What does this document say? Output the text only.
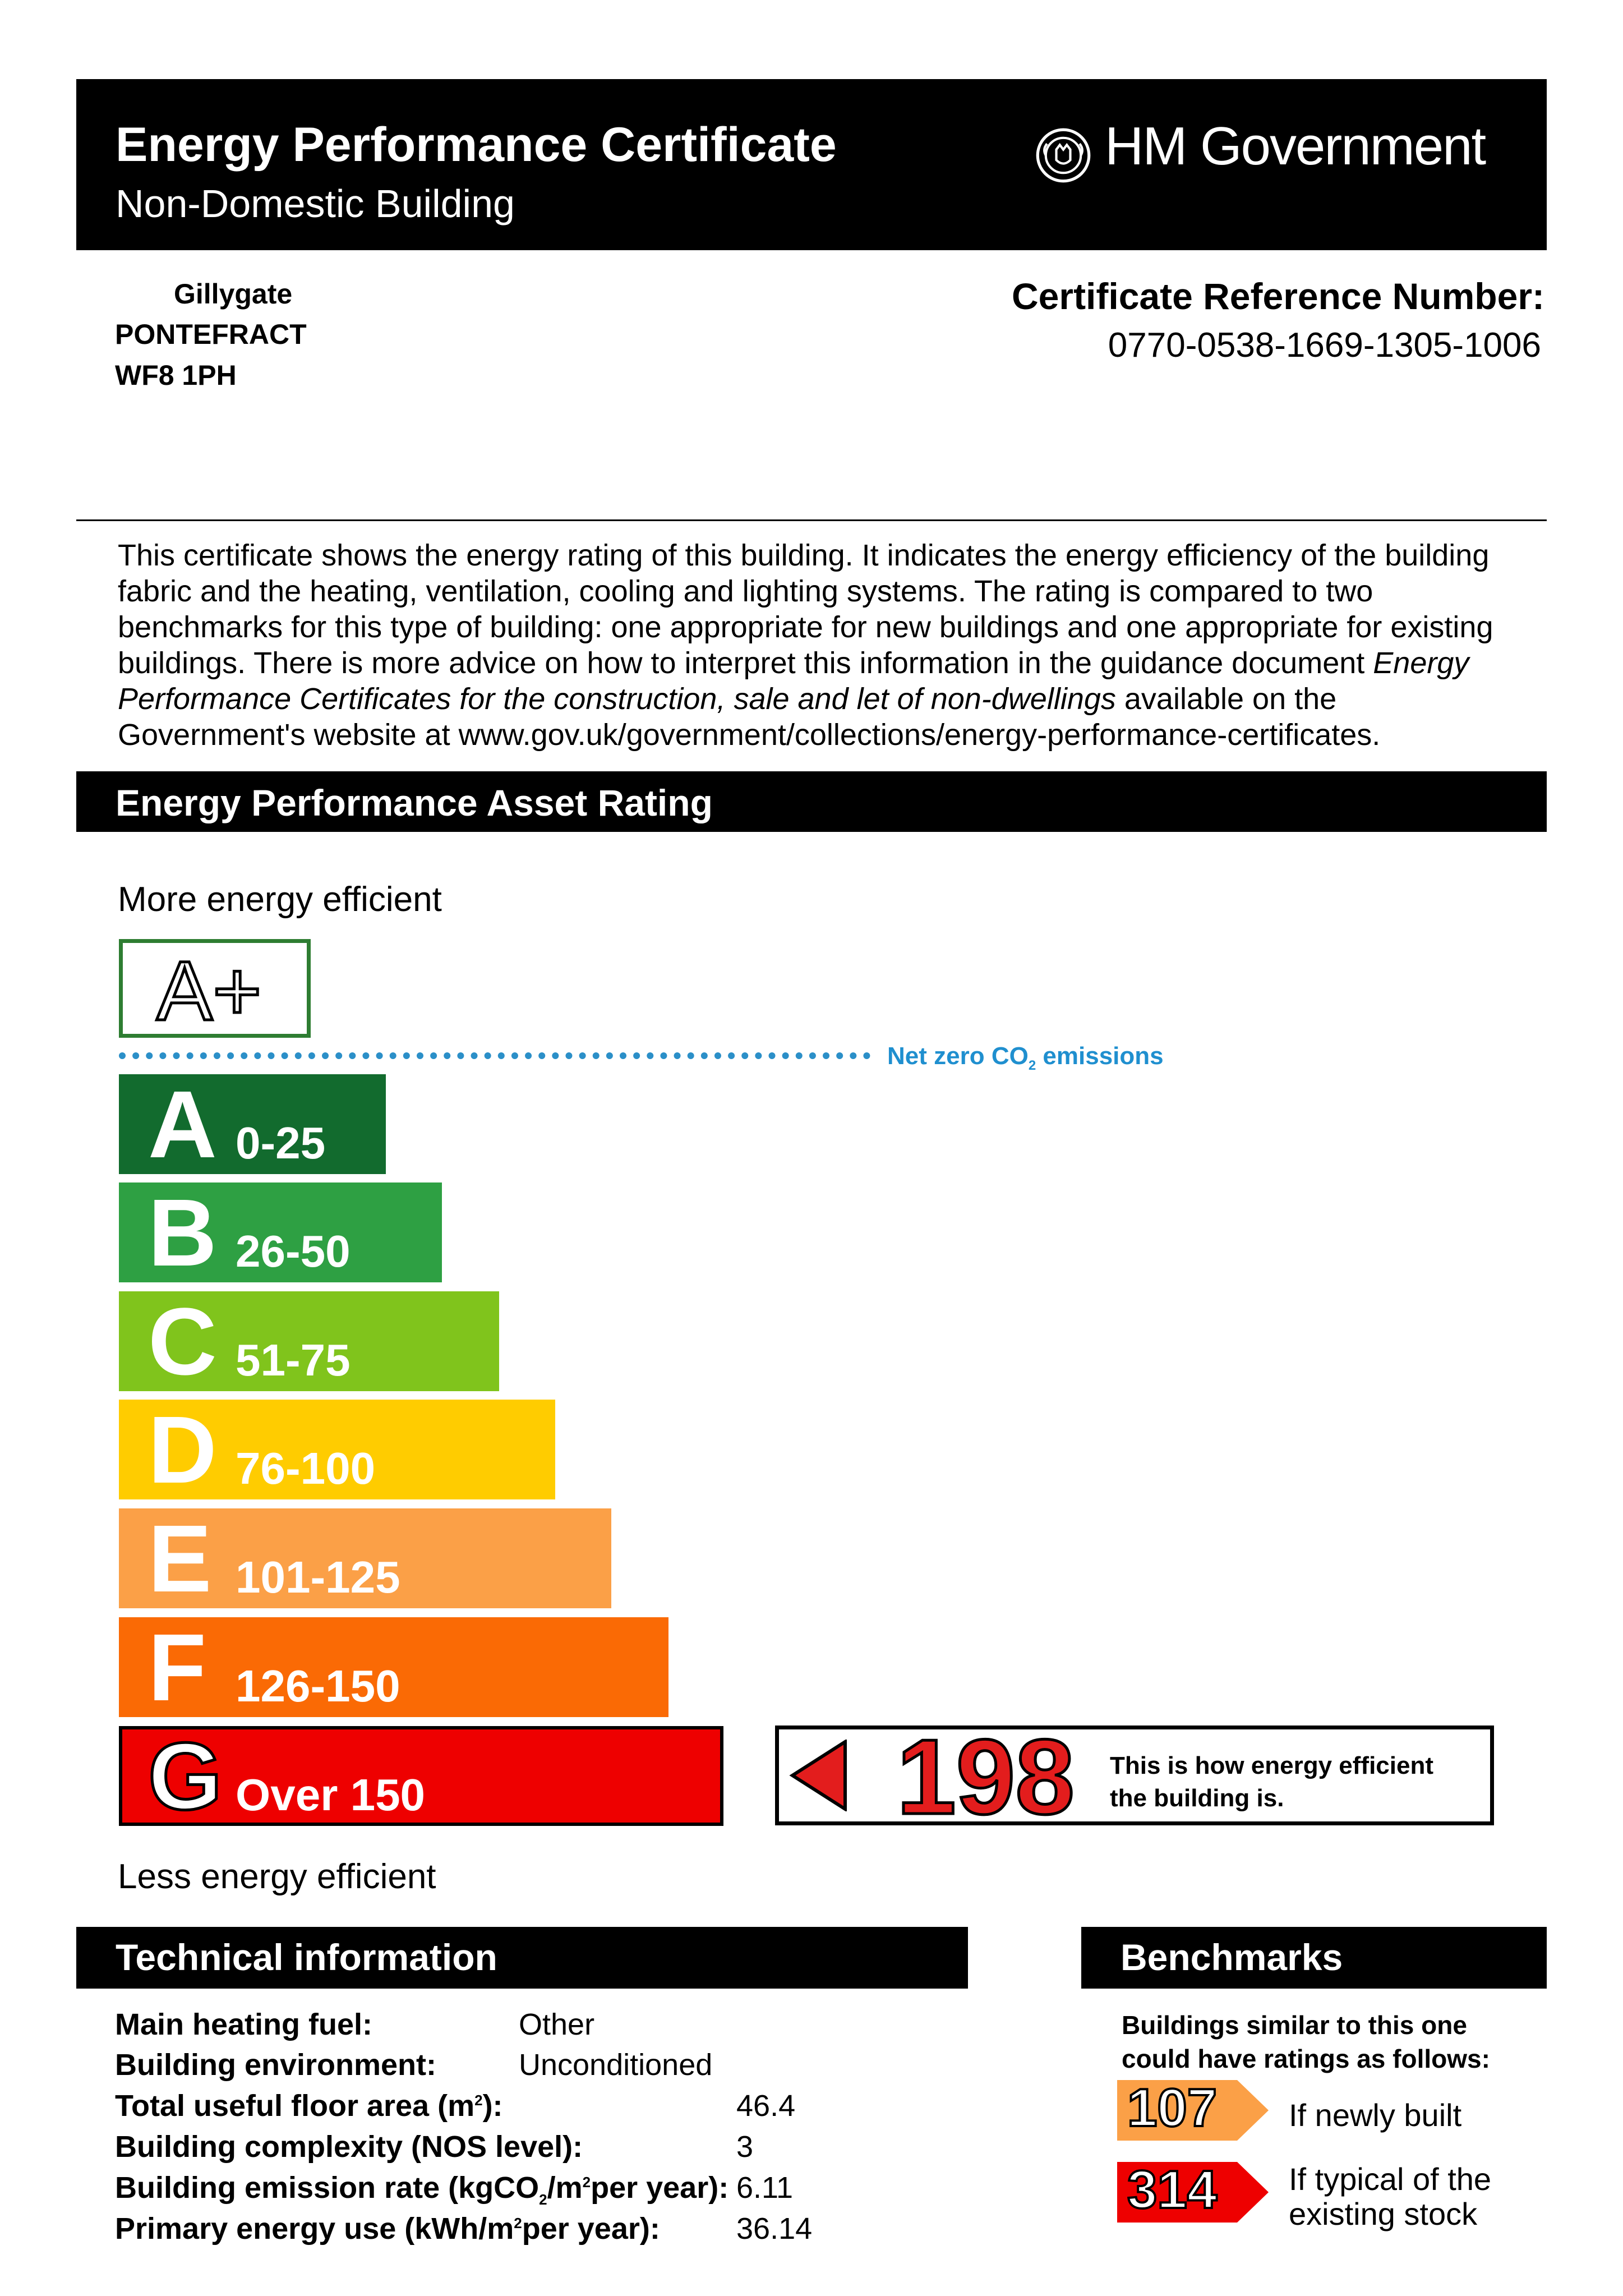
Energy Performance Certificate
Non-Domestic Building
HM Government
Gillygate
PONTEFRACT
WF8 1PH
Certificate Reference Number:
0770-0538-1669-1305-1006
This certificate shows the energy rating of this building. It indicates the energy efficiency of the building fabric and the heating, ventilation, cooling and lighting systems. The rating is compared to two benchmarks for this type of building: one appropriate for new buildings and one appropriate for existing buildings. There is more advice on how to interpret this information in the guidance document Energy Performance Certificates for the construction, sale and let of non-dwellings available on the Government's website at www.gov.uk/government/collections/energy-performance-certificates.
Energy Performance Asset Rating
More energy efficient
A+
Net zero $CO_2$ emissions
A 0-25
B 26-50
C 51-75
D 76-100
E 101-125
F 126-150
G Over 150	198 This is how energy efficient
the building is.
Less energy efficient
Technical information
Main heating fuel:	Other
Building environment:	Unconditioned
Total useful floor area $(m^2)$:	46.4
Building complexity (NOS level):	3
Building emission rate ($kgCO_2/m^2per$ year): 6.11
Primary energy use ($kWh/m^2per$ year):	36.14
Benchmarks
Buildings similar to this one
could have ratings as follows:
107 If newly built
314 If typical of the
existing stock
